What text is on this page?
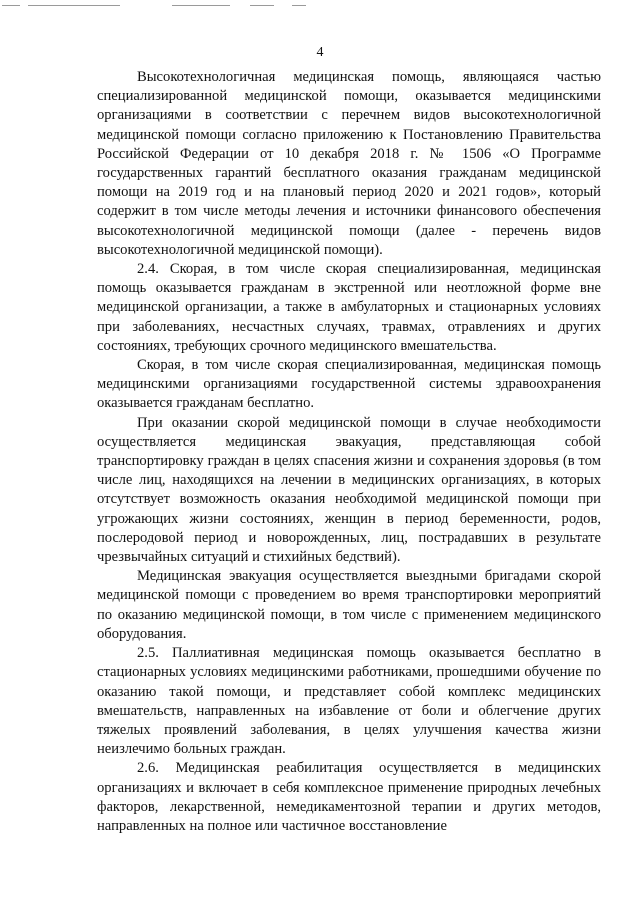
4

Высокотехнологичная медицинская помощь, являющаяся частью специализированной медицинской помощи, оказывается медицинскими организациями в соответствии с перечнем видов высокотехнологичной медицинской помощи согласно приложению к Постановлению Правительства Российской Федерации от 10 декабря 2018 г. № 1506 «О Программе государственных гарантий бесплатного оказания гражданам медицинской помощи на 2019 год и на плановый период 2020 и 2021 годов», который содержит в том числе методы лечения и источники финансового обеспечения высокотехнологичной медицинской помощи (далее - перечень видов высокотехнологичной медицинской помощи).

2.4. Скорая, в том числе скорая специализированная, медицинская помощь оказывается гражданам в экстренной или неотложной форме вне медицинской организации, а также в амбулаторных и стационарных условиях при заболеваниях, несчастных случаях, травмах, отравлениях и других состояниях, требующих срочного медицинского вмешательства.

Скорая, в том числе скорая специализированная, медицинская помощь медицинскими организациями государственной системы здравоохранения оказывается гражданам бесплатно.

При оказании скорой медицинской помощи в случае необходимости осуществляется медицинская эвакуация, представляющая собой транспортировку граждан в целях спасения жизни и сохранения здоровья (в том числе лиц, находящихся на лечении в медицинских организациях, в которых отсутствует возможность оказания необходимой медицинской помощи при угрожающих жизни состояниях, женщин в период беременности, родов, послеродовой период и новорожденных, лиц, пострадавших в результате чрезвычайных ситуаций и стихийных бедствий).

Медицинская эвакуация осуществляется выездными бригадами скорой медицинской помощи с проведением во время транспортировки мероприятий по оказанию медицинской помощи, в том числе с применением медицинского оборудования.

2.5. Паллиативная медицинская помощь оказывается бесплатно в стационарных условиях медицинскими работниками, прошедшими обучение по оказанию такой помощи, и представляет собой комплекс медицинских вмешательств, направленных на избавление от боли и облегчение других тяжелых проявлений заболевания, в целях улучшения качества жизни неизлечимо больных граждан.

2.6. Медицинская реабилитация осуществляется в медицинских организациях и включает в себя комплексное применение природных лечебных факторов, лекарственной, немедикаментозной терапии и других методов, направленных на полное или частичное восстановление
